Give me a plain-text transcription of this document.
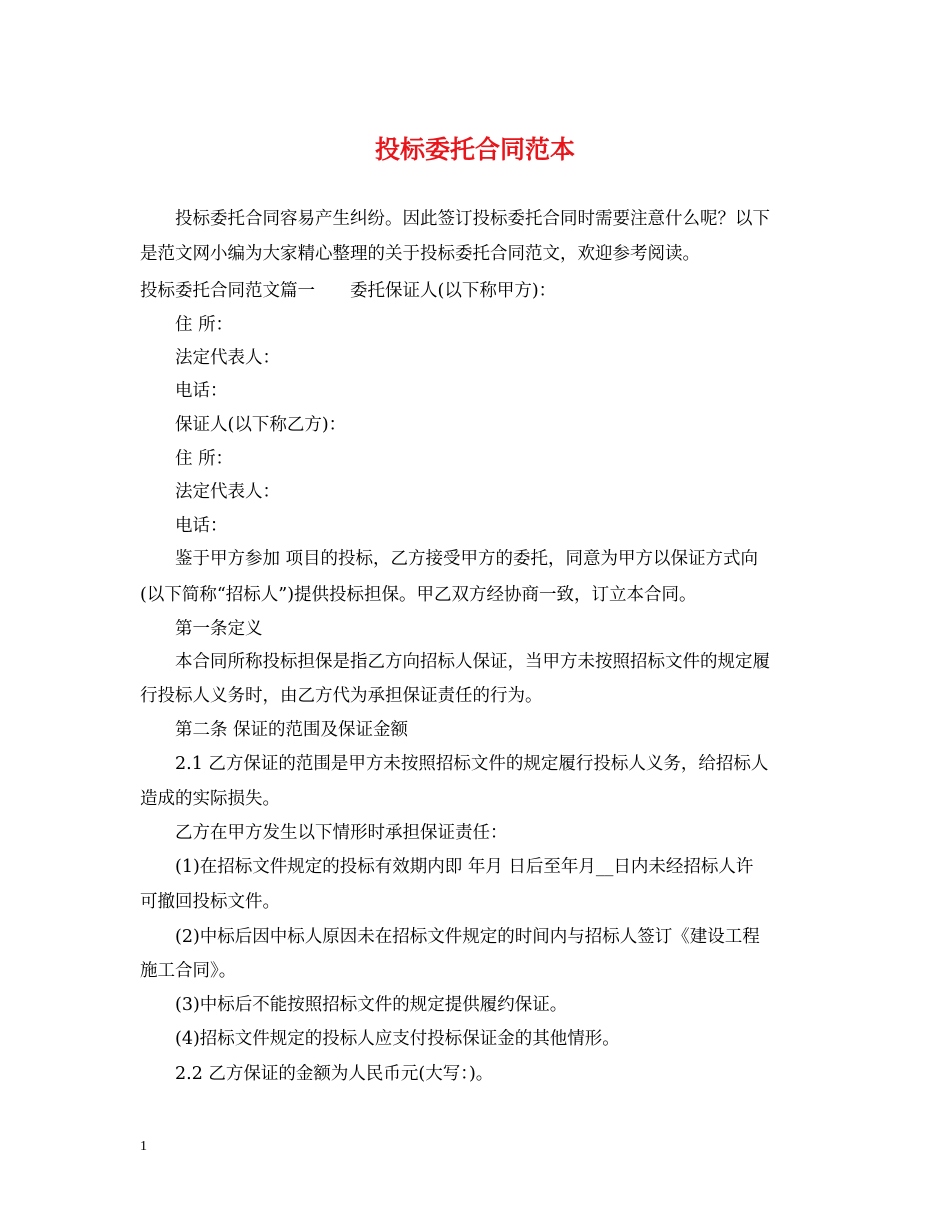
投标委托合同范本
　　投标委托合同容易产生纠纷。因此签订投标委托合同时需要注意什么呢？以下
是范文网小编为大家精心整理的关于投标委托合同范文，欢迎参考阅读。
投标委托合同范文篇一　　委托保证人(以下称甲方)：
　　住 所：
　　法定代表人：
　　电话：
　　保证人(以下称乙方)：
　　住 所：
　　法定代表人：
　　电话：
　　鉴于甲方参加 项目的投标，乙方接受甲方的委托，同意为甲方以保证方式向
(以下简称“招标人”)提供投标担保。甲乙双方经协商一致，订立本合同。
　　第一条定义
　　本合同所称投标担保是指乙方向招标人保证，当甲方未按照招标文件的规定履
行投标人义务时，由乙方代为承担保证责任的行为。
　　第二条 保证的范围及保证金额
　　2.1 乙方保证的范围是甲方未按照招标文件的规定履行投标人义务，给招标人
造成的实际损失。
　　乙方在甲方发生以下情形时承担保证责任：
　　(1)在招标文件规定的投标有效期内即 年月 日后至年月__日内未经招标人许
可撤回投标文件。
　　(2)中标后因中标人原因未在招标文件规定的时间内与招标人签订《建设工程
施工合同》。
　　(3)中标后不能按照招标文件的规定提供履约保证。
　　(4)招标文件规定的投标人应支付投标保证金的其他情形。
　　2.2 乙方保证的金额为人民币元(大写：)。
1
